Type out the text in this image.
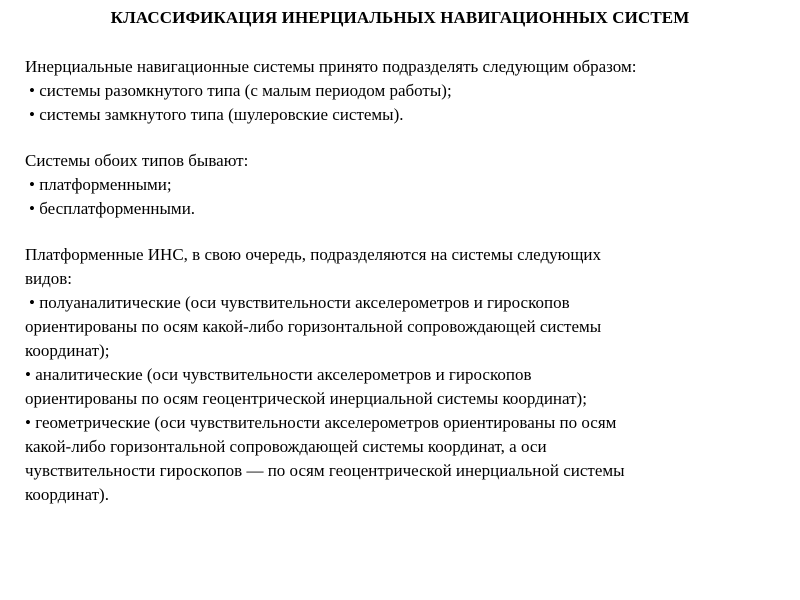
КЛАССИФИКАЦИЯ ИНЕРЦИАЛЬНЫХ НАВИГАЦИОННЫХ СИСТЕМ

Инерциальные навигационные системы принято подразделять следующим образом:

• системы разомкнутого типа (с малым периодом работы);

• системы замкнутого типа (шулеровские системы).

Системы обоих типов бывают:

• платформенными;

• бесплатформенными.

Платформенные ИНС, в свою очередь, подразделяются на системы следующих

видов:

• полуаналитические (оси чувствительности акселерометров и гироскопов

ориентированы по осям какой-либо горизонтальной сопровождающей системы

координат);

• аналитические (оси чувствительности акселерометров и гироскопов

ориентированы по осям геоцентрической инерциальной системы координат);

• геометрические (оси чувствительности акселерометров ориентированы по осям

какой-либо горизонтальной сопровождающей системы координат, а оси

чувствительности гироскопов — по осям геоцентрической инерциальной системы

координат).
